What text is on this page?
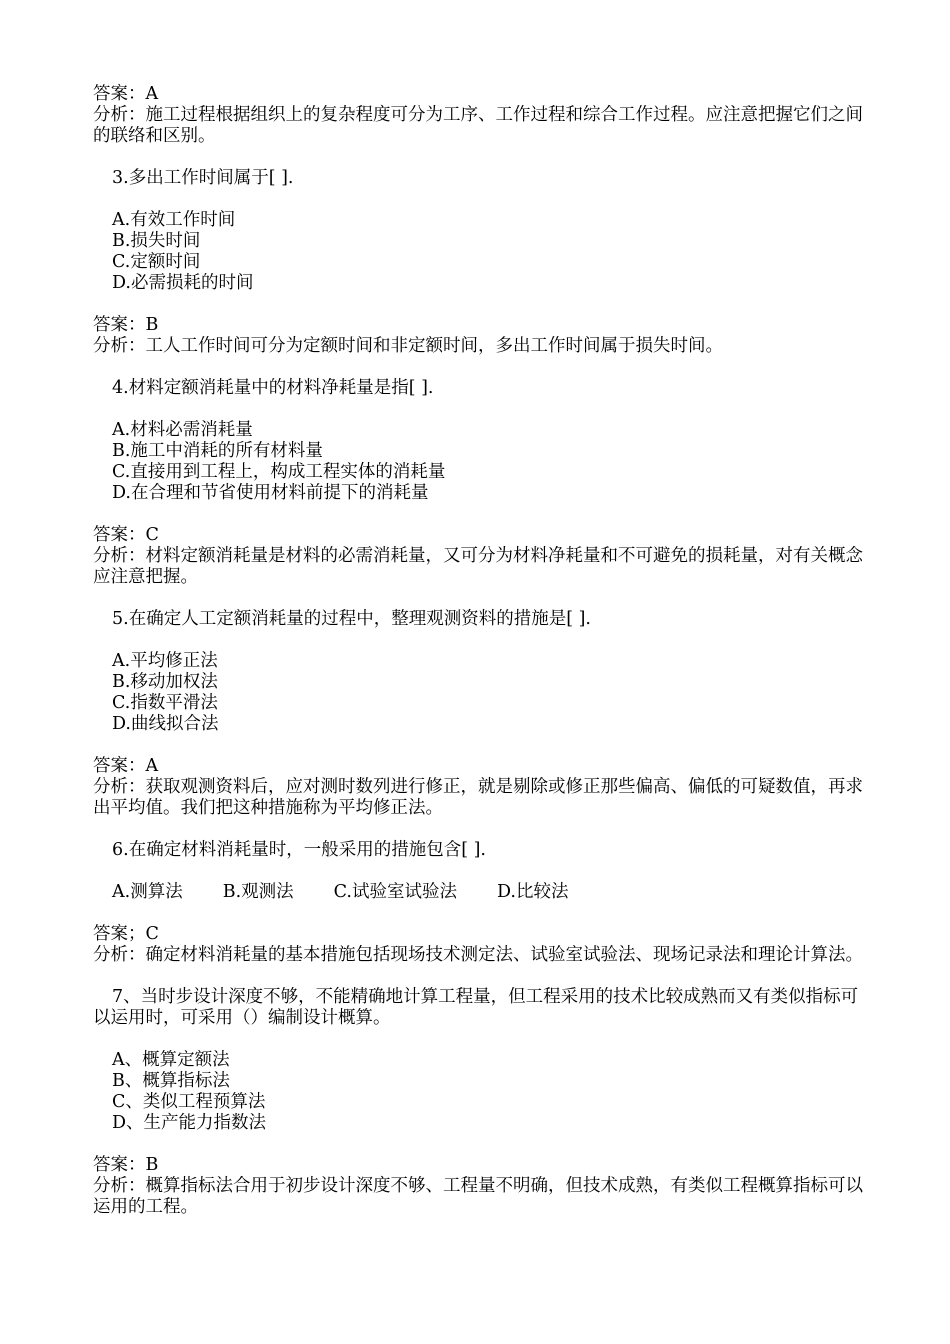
答案：A
分析：施工过程根据组织上的复杂程度可分为工序、工作过程和综合工作过程。应注意把握它们之间的联络和区别。
3.多出工作时间属于[ ].
A.有效工作时间
B.损失时间
C.定额时间
D.必需损耗的时间
答案：B
分析：工人工作时间可分为定额时间和非定额时间，多出工作时间属于损失时间。
4.材料定额消耗量中的材料净耗量是指[ ].
A.材料必需消耗量
B.施工中消耗的所有材料量
C.直接用到工程上，构成工程实体的消耗量
D.在合理和节省使用材料前提下的消耗量
答案：C
分析：材料定额消耗量是材料的必需消耗量，又可分为材料净耗量和不可避免的损耗量，对有关概念应注意把握。
5.在确定人工定额消耗量的过程中，整理观测资料的措施是[ ].
A.平均修正法
B.移动加权法
C.指数平滑法
D.曲线拟合法
答案：A
分析：获取观测资料后，应对测时数列进行修正，就是剔除或修正那些偏高、偏低的可疑数值，再求出平均值。我们把这种措施称为平均修正法。
6.在确定材料消耗量时，一般采用的措施包含[ ].
A.测算法 B.观测法 C.试验室试验法 D.比较法
答案；C
分析：确定材料消耗量的基本措施包括现场技术测定法、试验室试验法、现场记录法和理论计算法。
7、当时步设计深度不够，不能精确地计算工程量，但工程采用的技术比较成熟而又有类似指标可以运用时，可采用（）编制设计概算。
A、概算定额法
B、概算指标法
C、类似工程预算法
D、生产能力指数法
答案：B
分析：概算指标法合用于初步设计深度不够、工程量不明确，但技术成熟，有类似工程概算指标可以运用的工程。
